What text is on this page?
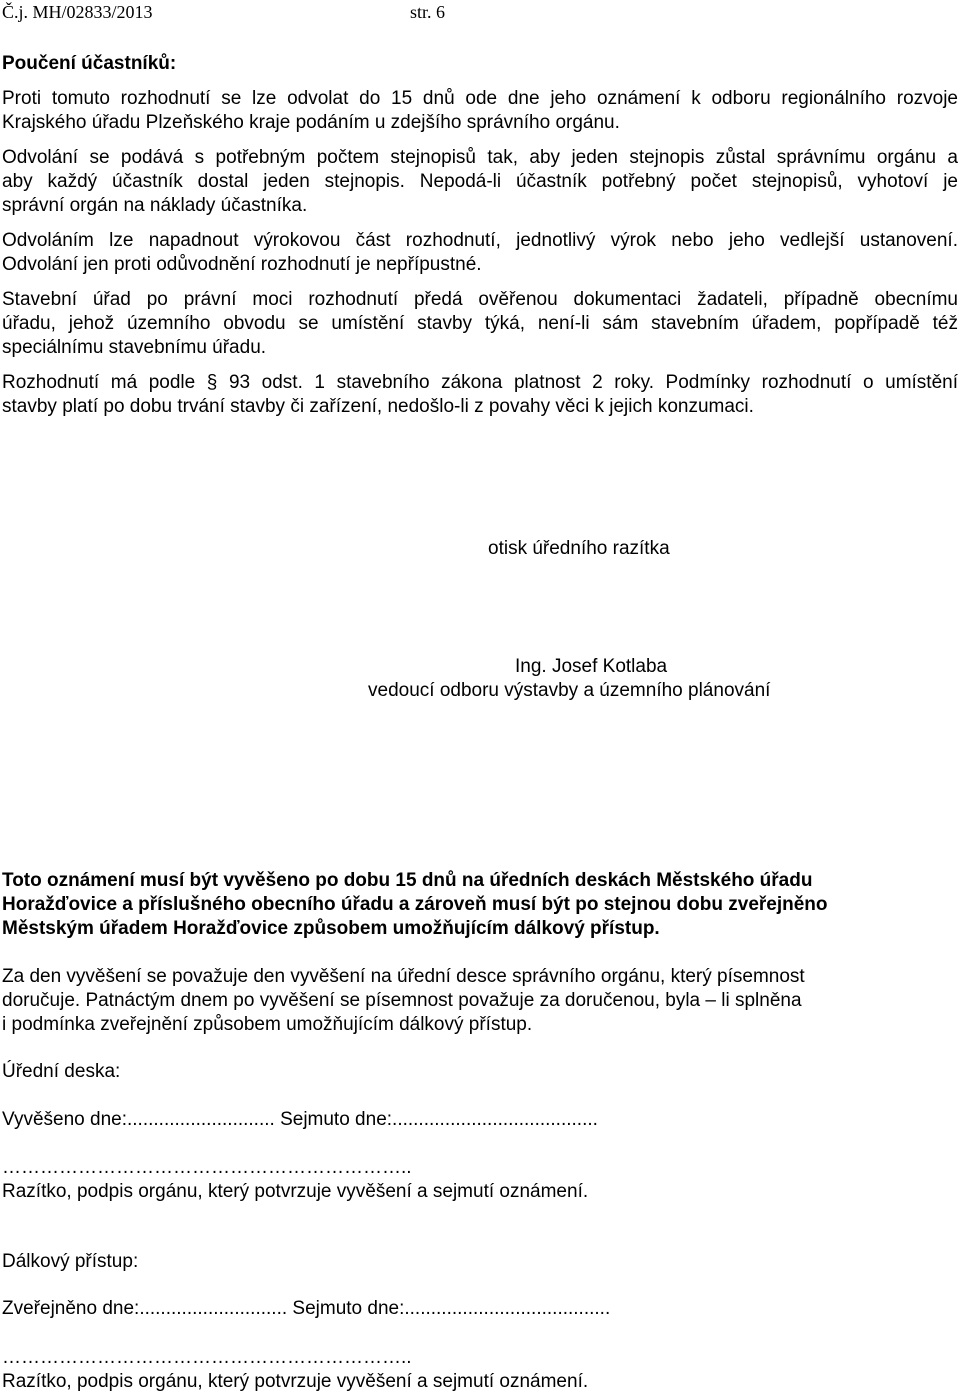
Č.j. MH/02833/2013	str. 6
Poučení účastníků:
Proti tomuto rozhodnutí se lze odvolat do 15 dnů ode dne jeho oznámení k odboru regionálního rozvoje
Krajského úřadu Plzeňského kraje podáním u zdejšího správního orgánu.
Odvolání se podává s potřebným počtem stejnopisů tak, aby jeden stejnopis zůstal správnímu orgánu a
aby každý účastník dostal jeden stejnopis. Nepodá-li účastník potřebný počet stejnopisů, vyhotoví je
správní orgán na náklady účastníka.
Odvoláním lze napadnout výrokovou část rozhodnutí, jednotlivý výrok nebo jeho vedlejší ustanovení.
Odvolání jen proti odůvodnění rozhodnutí je nepřípustné.
Stavební úřad po právní moci rozhodnutí předá ověřenou dokumentaci žadateli, případně obecnímu
úřadu, jehož územního obvodu se umístění stavby týká, není-li sám stavebním úřadem, popřípadě též
speciálnímu stavebnímu úřadu.
Rozhodnutí má podle § 93 odst. 1 stavebního zákona platnost 2 roky. Podmínky rozhodnutí o umístění
stavby platí po dobu trvání stavby či zařízení, nedošlo-li z povahy věci k jejich konzumaci.
otisk úředního razítka
Ing. Josef Kotlaba
vedoucí odboru výstavby a územního plánování
Toto oznámení musí být vyvěšeno po dobu 15 dnů na úředních deskách Městského úřadu
Horažďovice a příslušného obecního úřadu a zároveň musí být po stejnou dobu zveřejněno
Městským úřadem Horažďovice způsobem umožňujícím dálkový přístup.
Za den vyvěšení se považuje den vyvěšení na úřední desce správního orgánu, který písemnost
doručuje. Patnáctým dnem po vyvěšení se písemnost považuje za doručenou, byla – li splněna
i podmínka zveřejnění způsobem umožňujícím dálkový přístup.
Úřední deska:
Vyvěšeno dne:............................ Sejmuto dne:.......................................
………………………………………………………..
Razítko, podpis orgánu, který potvrzuje vyvěšení a sejmutí oznámení.
Dálkový přístup:
Zveřejněno dne:............................ Sejmuto dne:.......................................
………………………………………………………..
Razítko, podpis orgánu, který potvrzuje vyvěšení a sejmutí oznámení.
